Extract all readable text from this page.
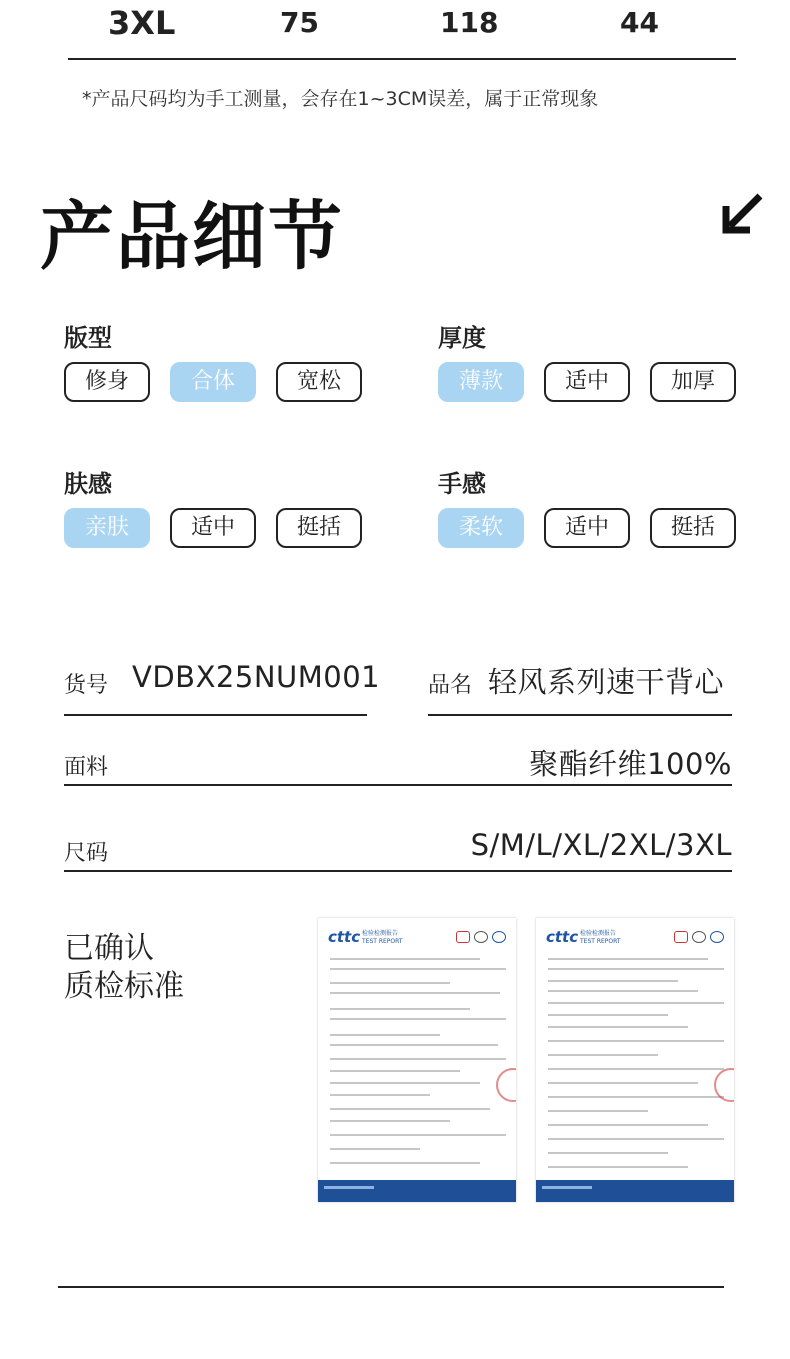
3XL	75	118	44
*产品尺码均为手工测量，会存在1~3CM误差，属于正常现象
产品细节
版型
修身	合体	宽松
厚度
薄款	适中	加厚
肤感
亲肤	适中	挺括
手感
柔软	适中	挺括
货号 VDBX25NUM001 品名 轻风系列速干背心
面料	聚酯纤维100%
尺码	S/M/L/XL/2XL/3XL
已确认
质检标准
cttc 检验检测报告
TEST REPORT	cttc 检验检测报告
TEST REPORT
